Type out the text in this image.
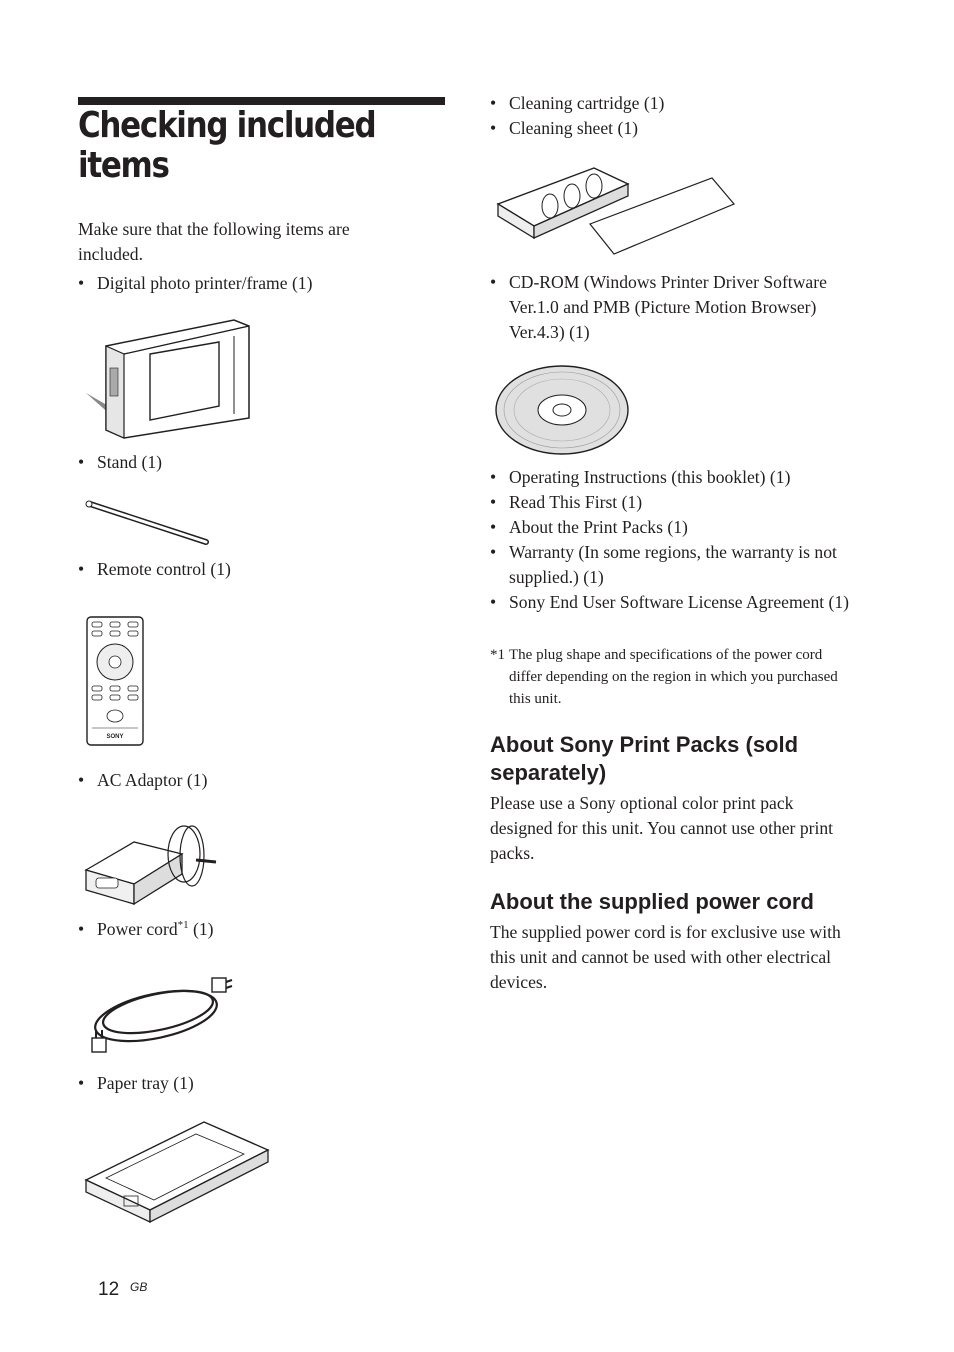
Checking included items

Make sure that the following items are included.

• Digital photo printer/frame (1)
• Stand (1)
• Remote control (1)
SONY
• AC Adaptor (1)
• Power cord$^{*1}$ (1)
• Paper tray (1)
• Cleaning cartridge (1)
• Cleaning sheet (1)
• CD-ROM (Windows Printer Driver Software Ver.1.0 and PMB (Picture Motion Browser) Ver.4.3) (1)
• Operating Instructions (this booklet) (1)
• Read This First (1)
• About the Print Packs (1)
• Warranty (In some regions, the warranty is not supplied.) (1)
• Sony End User Software License Agreement (1)
*1 The plug shape and specifications of the power cord differ depending on the region in which you purchased this unit.
About Sony Print Packs (sold separately)

Please use a Sony optional color print pack designed for this unit. You cannot use other print packs.

About the supplied power cord

The supplied power cord is for exclusive use with this unit and cannot be used with other electrical devices.

12 GB
